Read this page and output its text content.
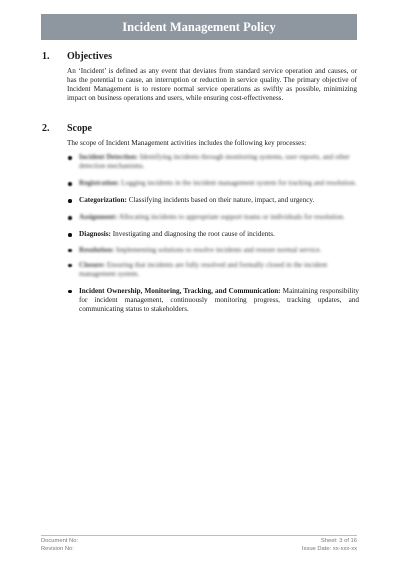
Incident Management Policy
1.	Objectives
An ‘Incident’ is defined as any event that deviates from standard service operation and causes, or has the potential to cause, an interruption or reduction in service quality. The primary objective of Incident Management is to restore normal service operations as swiftly as possible, minimizing impact on business operations and users, while ensuring cost-effectiveness.
2.	Scope
The scope of Incident Management activities includes the following key processes:
Incident Detection: Identifying incidents through monitoring systems, user reports, and other detection mechanisms.
Registration: Logging incidents in the incident management system for tracking and resolution.
Categorization: Classifying incidents based on their nature, impact, and urgency.
Assignment: Allocating incidents to appropriate support teams or individuals for resolution.
Diagnosis: Investigating and diagnosing the root cause of incidents.
Resolution: Implementing solutions to resolve incidents and restore normal service.
Closure: Ensuring that incidents are fully resolved and formally closed in the incident management system.
Incident Ownership, Monitoring, Tracking, and Communication: Maintaining responsibility for incident management, continuously monitoring progress, tracking updates, and communicating status to stakeholders.
Document No:
Revision No:
Sheet: 3 of 16
Issue Date: xx-xxx-xx
